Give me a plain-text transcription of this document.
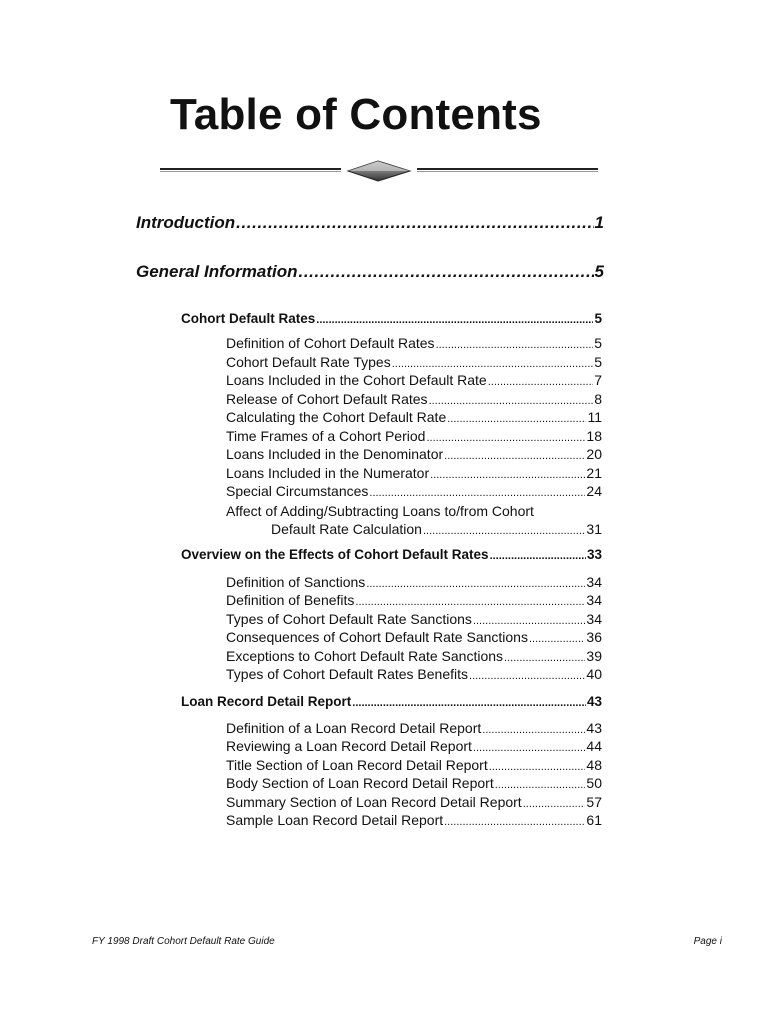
Table of Contents
Introduction .....	1
General Information .....	5
Cohort Default Rates .....	5
Definition of Cohort Default Rates .....	5
Cohort Default Rate Types .....	5
Loans Included in the Cohort Default Rate .....	7
Release of Cohort Default Rates .....	8
Calculating the Cohort Default Rate .....	11
Time Frames of a Cohort Period .....	18
Loans Included in the Denominator .....	20
Loans Included in the Numerator .....	21
Special Circumstances .....	24
Affect of Adding/Subtracting Loans to/from Cohort
Default Rate Calculation .....	31
Overview on the Effects of Cohort Default Rates .....	33
Definition of Sanctions .....	34
Definition of Benefits .....	34
Types of Cohort Default Rate Sanctions .....	34
Consequences of Cohort Default Rate Sanctions .....	36
Exceptions to Cohort Default Rate Sanctions .....	39
Types of Cohort Default Rates Benefits .....	40
Loan Record Detail Report .....	43
Definition of a Loan Record Detail Report .....	43
Reviewing a Loan Record Detail Report .....	44
Title Section of Loan Record Detail Report .....	48
Body Section of Loan Record Detail Report .....	50
Summary Section of Loan Record Detail Report .....	57
Sample Loan Record Detail Report .....	61
FY 1998 Draft Cohort Default Rate Guide	Page i
